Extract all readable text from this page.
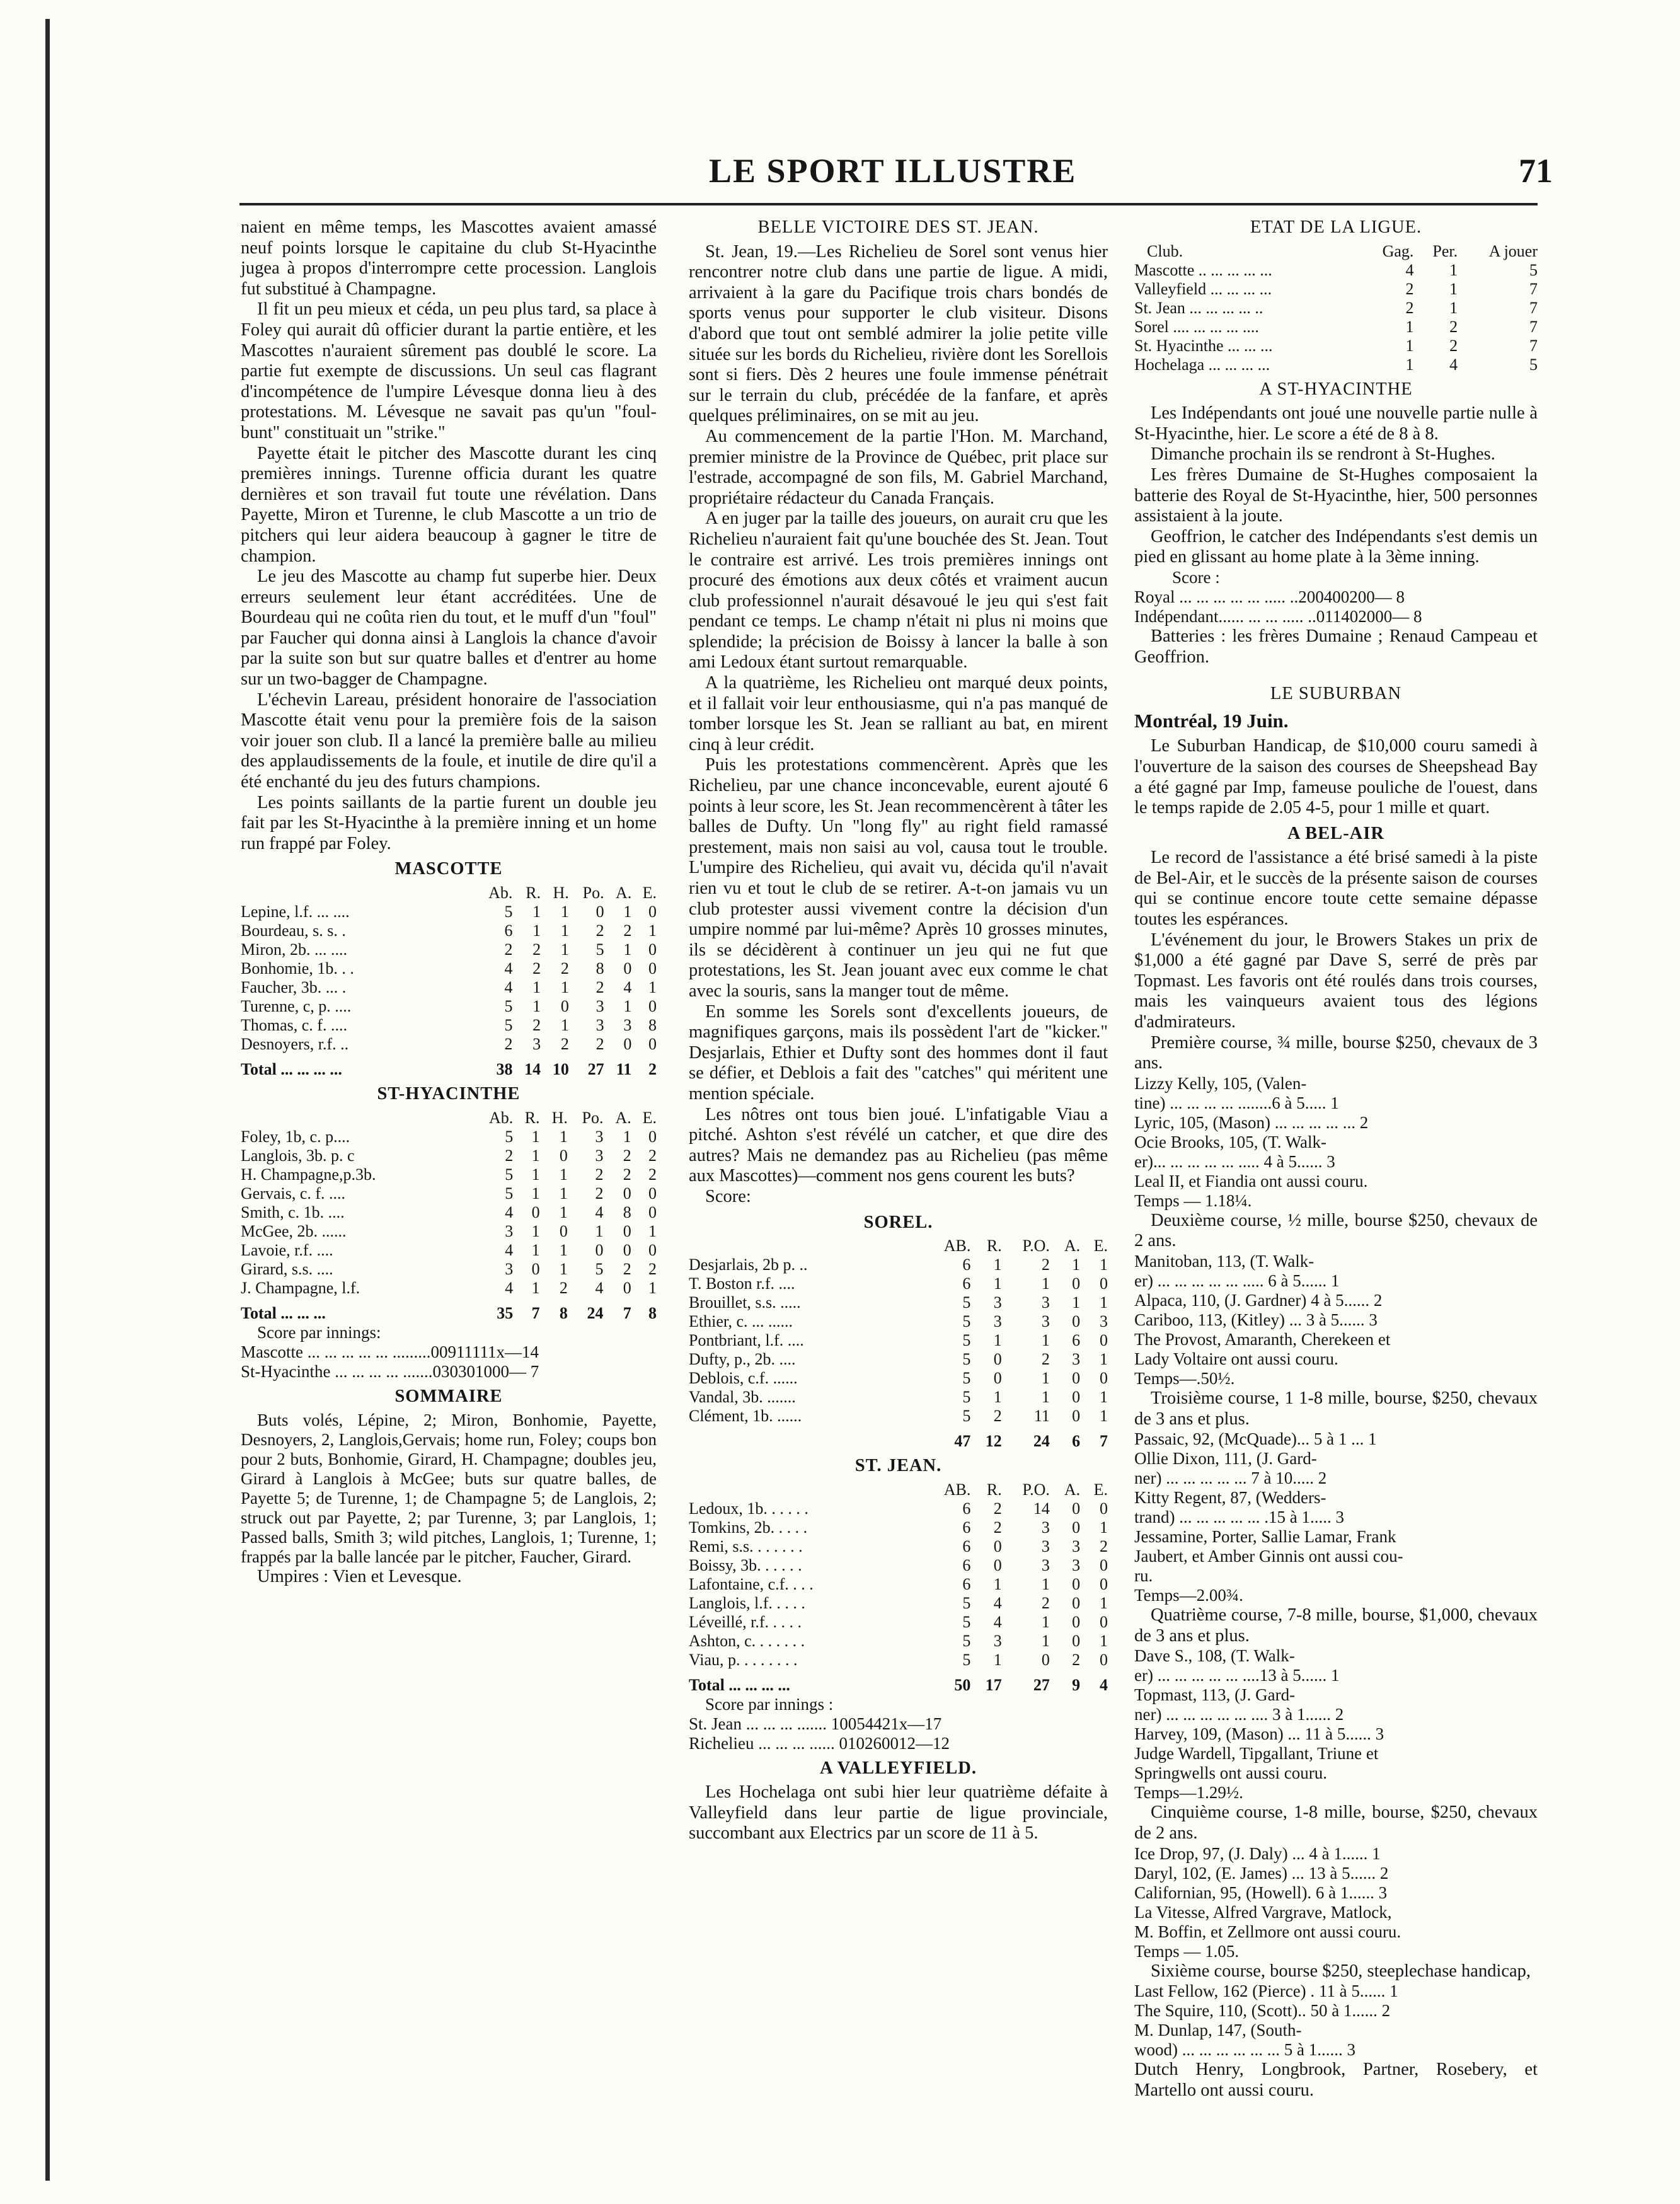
LE SPORT ILLUSTRE	71

naient en même temps, les Mascottes avaient amassé neuf points lorsque le capitaine du club St-Hyacinthe jugea à propos d'interrompre cette procession. Langlois fut substitué à Champagne.

Il fit un peu mieux et céda, un peu plus tard, sa place à Foley qui aurait dû officier durant la partie entière, et les Mascottes n'auraient sûrement pas doublé le score. La partie fut exempte de discussions. Un seul cas flagrant d'incompétence de l'umpire Lévesque donna lieu à des protestations. M. Lévesque ne savait pas qu'un "foul-bunt" constituait un "strike."

Payette était le pitcher des Mascotte durant les cinq premières innings. Turenne officia durant les quatre dernières et son travail fut toute une révélation. Dans Payette, Miron et Turenne, le club Mascotte a un trio de pitchers qui leur aidera beaucoup à gagner le titre de champion.

Le jeu des Mascotte au champ fut superbe hier. Deux erreurs seulement leur étant accréditées. Une de Bourdeau qui ne coûta rien du tout, et le muff d'un "foul" par Faucher qui donna ainsi à Langlois la chance d'avoir par la suite son but sur quatre balles et d'entrer au home sur un two-bagger de Champagne.

L'échevin Lareau, président honoraire de l'association Mascotte était venu pour la première fois de la saison voir jouer son club. Il a lancé la première balle au milieu des applaudissements de la foule, et inutile de dire qu'il a été enchanté du jeu des futurs champions.

Les points saillants de la partie furent un double jeu fait par les St-Hyacinthe à la première inning et un home run frappé par Foley.

MASCOTTE
	Ab.	R.	H.	Po.	A.	E.
Lepine, l.f. ... ....	5	1	1	0	1	0
Bourdeau, s. s. .	6	1	1	2	2	1
Miron, 2b. ... ....	2	2	1	5	1	0
Bonhomie, 1b. . .	4	2	2	8	0	0
Faucher, 3b. ... .	4	1	1	2	4	1
Turenne, c, p. ....	5	1	0	3	1	0
Thomas, c. f. ....	5	2	1	3	3	8
Desnoyers, r.f. ..	2	3	2	2	0	0
Total ... ... ... ...	38	14	10	27	11	2
ST-HYACINTHE
	Ab.	R.	H.	Po.	A.	E.
Foley, 1b, c. p....	5	1	1	3	1	0
Langlois, 3b. p. c	2	1	0	3	2	2
H. Champagne,p.3b.	5	1	1	2	2	2
Gervais, c. f. ....	5	1	1	2	0	0
Smith, c. 1b. ....	4	0	1	4	8	0
McGee, 2b. ......	3	1	0	1	0	1
Lavoie, r.f. ....	4	1	1	0	0	0
Girard, s.s. ....	3	0	1	5	2	2
J. Champagne, l.f.	4	1	2	4	0	1
Total ... ... ...	35	7	8	24	7	8
Score par innings:
Mascotte ... ... ... ... ... .........00911111x—14
St-Hyacinthe ... ... ... ... .......030301000— 7
SOMMAIRE

Buts volés, Lépine, 2; Miron, Bonhomie, Payette, Desnoyers, 2, Langlois,Gervais; home run, Foley; coups bon pour 2 buts, Bonhomie, Girard, H. Champagne; doubles jeu, Girard à Langlois à McGee; buts sur quatre balles, de Payette 5; de Turenne, 1; de Champagne 5; de Langlois, 2; struck out par Payette, 2; par Turenne, 3; par Langlois, 1; Passed balls, Smith 3; wild pitches, Langlois, 1; Turenne, 1; frappés par la balle lancée par le pitcher, Faucher, Girard.

Umpires : Vien et Levesque.

BELLE VICTOIRE DES ST. JEAN.

St. Jean, 19.—Les Richelieu de Sorel sont venus hier rencontrer notre club dans une partie de ligue. A midi, arrivaient à la gare du Pacifique trois chars bondés de sports venus pour supporter le club visiteur. Disons d'abord que tout ont semblé admirer la jolie petite ville située sur les bords du Richelieu, rivière dont les Sorellois sont si fiers. Dès 2 heures une foule immense pénétrait sur le terrain du club, précédée de la fanfare, et après quelques préliminaires, on se mit au jeu.

Au commencement de la partie l'Hon. M. Marchand, premier ministre de la Province de Québec, prit place sur l'estrade, accompagné de son fils, M. Gabriel Marchand, propriétaire rédacteur du Canada Français.

A en juger par la taille des joueurs, on aurait cru que les Richelieu n'auraient fait qu'une bouchée des St. Jean. Tout le contraire est arrivé. Les trois premières innings ont procuré des émotions aux deux côtés et vraiment aucun club professionnel n'aurait désavoué le jeu qui s'est fait pendant ce temps. Le champ n'était ni plus ni moins que splendide; la précision de Boissy à lancer la balle à son ami Ledoux étant surtout remarquable.

A la quatrième, les Richelieu ont marqué deux points, et il fallait voir leur enthousiasme, qui n'a pas manqué de tomber lorsque les St. Jean se ralliant au bat, en mirent cinq à leur crédit.

Puis les protestations commencèrent. Après que les Richelieu, par une chance inconcevable, eurent ajouté 6 points à leur score, les St. Jean recommencèrent à tâter les balles de Dufty. Un "long fly" au right field ramassé prestement, mais non saisi au vol, causa tout le trouble. L'umpire des Richelieu, qui avait vu, décida qu'il n'avait rien vu et tout le club de se retirer. A-t-on jamais vu un club protester aussi vivement contre la décision d'un umpire nommé par lui-même? Après 10 grosses minutes, ils se décidèrent à continuer un jeu qui ne fut que protestations, les St. Jean jouant avec eux comme le chat avec la souris, sans la manger tout de même.

En somme les Sorels sont d'excellents joueurs, de magnifiques garçons, mais ils possèdent l'art de "kicker." Desjarlais, Ethier et Dufty sont des hommes dont il faut se défier, et Deblois a fait des "catches" qui méritent une mention spéciale.

Les nôtres ont tous bien joué. L'infatigable Viau a pitché. Ashton s'est révélé un catcher, et que dire des autres? Mais ne demandez pas au Richelieu (pas même aux Mascottes)—comment nos gens courent les buts?

Score:

SOREL.
	AB.	R.	P.O.	A.	E.
Desjarlais, 2b p. ..	6	1	2	1	1
T. Boston r.f. ....	6	1	1	0	0
Brouillet, s.s. .....	5	3	3	1	1
Ethier, c. ... ......	5	3	3	0	3
Pontbriant, l.f. ....	5	1	1	6	0
Dufty, p., 2b. ....	5	0	2	3	1
Deblois, c.f. ......	5	0	1	0	0
Vandal, 3b. .......	5	1	1	0	1
Clément, 1b. ......	5	2	11	0	1
	47	12	24	6	7
ST. JEAN.
	AB.	R.	P.O.	A.	E.
Ledoux, 1b. . . . . .	6	2	14	0	0
Tomkins, 2b. . . . .	6	2	3	0	1
Remi, s.s. . . . . . .	6	0	3	3	2
Boissy, 3b. . . . . .	6	0	3	3	0
Lafontaine, c.f. . . .	6	1	1	0	0
Langlois, l.f. . . . .	5	4	2	0	1
Léveillé, r.f. . . . .	5	4	1	0	0
Ashton, c. . . . . . .	5	3	1	0	1
Viau, p. . . . . . . .	5	1	0	2	0
Total ... ... ... ...	50	17	27	9	4
Score par innings :
St. Jean ... ... ... ....... 10054421x—17
Richelieu ... ... ... ...... 010260012—12
A VALLEYFIELD.

Les Hochelaga ont subi hier leur quatrième défaite à Valleyfield dans leur partie de ligue provinciale, succombant aux Electrics par un score de 11 à 5.

ETAT DE LA LIGUE.
Club.	Gag.	Per.	A jouer
Mascotte .. ... ... ... ...	4	1	5
Valleyfield ... ... ... ...	2	1	7
St. Jean ... ... ... ... ..	2	1	7
Sorel .... ... ... ... ....	1	2	7
St. Hyacinthe ... ... ...	1	2	7
Hochelaga ... ... ... ...	1	4	5
A ST-HYACINTHE

Les Indépendants ont joué une nouvelle partie nulle à St-Hyacinthe, hier. Le score a été de 8 à 8.

Dimanche prochain ils se rendront à St-Hughes.

Les frères Dumaine de St-Hughes composaient la batterie des Royal de St-Hyacinthe, hier, 500 personnes assistaient à la joute.

Geoffrion, le catcher des Indépendants s'est demis un pied en glissant au home plate à la 3ème inning.

Score :
Royal ... ... ... ... ... ..... ..200400200— 8
Indépendant...... ... ... ..... ..011402000— 8

Batteries : les frères Dumaine ; Renaud Campeau et Geoffrion.

LE SUBURBAN
Montréal, 19 Juin.

Le Suburban Handicap, de $10,000 couru samedi à l'ouverture de la saison des courses de Sheepshead Bay a été gagné par Imp, fameuse pouliche de l'ouest, dans le temps rapide de 2.05 4-5, pour 1 mille et quart.

A BEL-AIR

Le record de l'assistance a été brisé samedi à la piste de Bel-Air, et le succès de la présente saison de courses qui se continue encore toute cette semaine dépasse toutes les espérances.

L'événement du jour, le Browers Stakes un prix de $1,000 a été gagné par Dave S, serré de près par Topmast. Les favoris ont été roulés dans trois courses, mais les vainqueurs avaient tous des légions d'admirateurs.

Première course, ¾ mille, bourse $250, chevaux de 3 ans.

Lizzy Kelly, 105, (Valen-
tine) ... ... ... ... ........6 à 5..... 1
Lyric, 105, (Mason) ... ... ... ... ... 2
Ocie Brooks, 105, (T. Walk-
er)... ... ... ... ... ..... 4 à 5...... 3
Leal II, et Fiandia ont aussi couru.
Temps — 1.18¼.

Deuxième course, ½ mille, bourse $250, chevaux de 2 ans.

Manitoban, 113, (T. Walk-
er) ... ... ... ... ... ..... 6 à 5...... 1
Alpaca, 110, (J. Gardner) 4 à 5...... 2
Cariboo, 113, (Kitley) ... 3 à 5...... 3
The Provost, Amaranth, Cherekeen et
Lady Voltaire ont aussi couru.
Temps—.50½.

Troisième course, 1 1-8 mille, bourse, $250, chevaux de 3 ans et plus.

Passaic, 92, (McQuade)... 5 à 1 ... 1
Ollie Dixon, 111, (J. Gard-
ner) ... ... ... ... ... 7 à 10..... 2
Kitty Regent, 87, (Wedders-
trand) ... ... ... ... ... .15 à 1..... 3
Jessamine, Porter, Sallie Lamar, Frank
Jaubert, et Amber Ginnis ont aussi cou-
ru.
Temps—2.00¾.

Quatrième course, 7-8 mille, bourse, $1,000, chevaux de 3 ans et plus.

Dave S., 108, (T. Walk-
er) ... ... ... ... ... ....13 à 5...... 1
Topmast, 113, (J. Gard-
ner) ... ... ... ... ... .... 3 à 1...... 2
Harvey, 109, (Mason) ... 11 à 5...... 3
Judge Wardell, Tipgallant, Triune et
Springwells ont aussi couru.
Temps—1.29½.

Cinquième course, 1-8 mille, bourse, $250, chevaux de 2 ans.

Ice Drop, 97, (J. Daly) ... 4 à 1...... 1
Daryl, 102, (E. James) ... 13 à 5...... 2
Californian, 95, (Howell). 6 à 1...... 3
La Vitesse, Alfred Vargrave, Matlock,
M. Boffin, et Zellmore ont aussi couru.
Temps — 1.05.

Sixième course, bourse $250, steeplechase handicap,

Last Fellow, 162 (Pierce) . 11 à 5...... 1
The Squire, 110, (Scott).. 50 à 1...... 2
M. Dunlap, 147, (South-
wood) ... ... ... ... ... ... 5 à 1...... 3

Dutch Henry, Longbrook, Partner, Rosebery, et Martello ont aussi couru.
